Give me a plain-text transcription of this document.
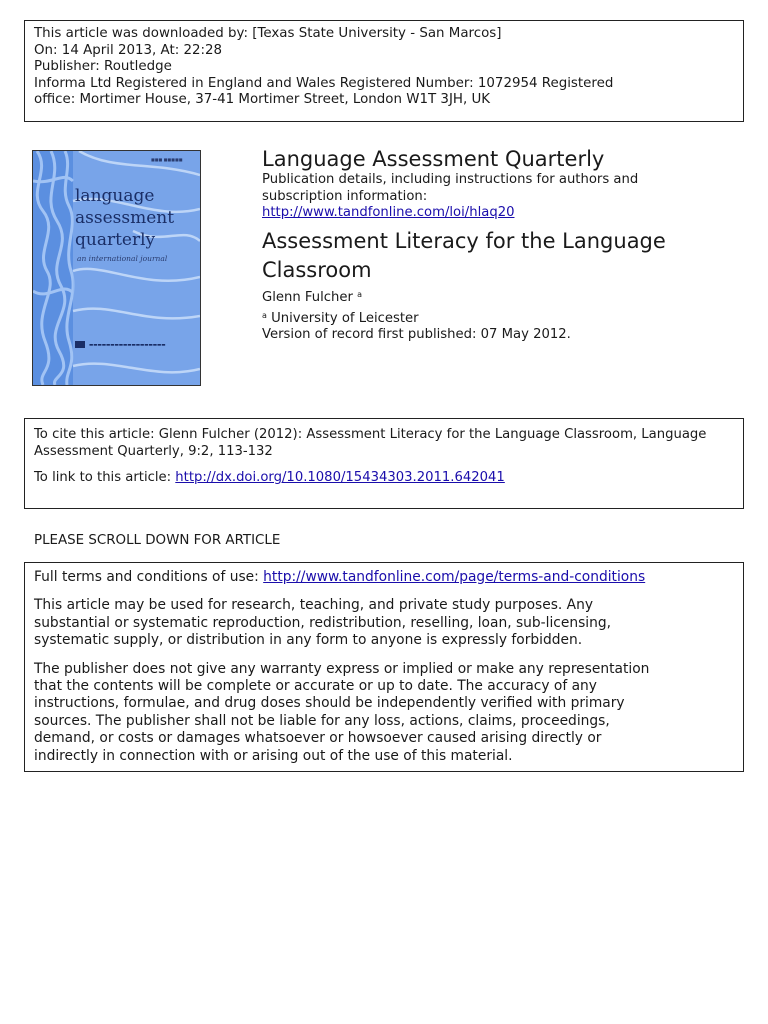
This article was downloaded by: [Texas State University - San Marcos]
On: 14 April 2013, At: 22:28
Publisher: Routledge
Informa Ltd Registered in England and Wales Registered Number: 1072954 Registered
office: Mortimer House, 37-41 Mortimer Street, London W1T 3JH, UK
■■■ ■■■■■
language
assessment
quarterly
an international journal
▬▬▬▬▬▬▬▬▬▬▬▬▬▬▬▬▬▬
Language Assessment Quarterly
Publication details, including instructions for authors and
subscription information:
http://www.tandfonline.com/loi/hlaq20
Assessment Literacy for the Language
Classroom
Glenn Fulcher $^a$
$^a$ University of Leicester
Version of record first published: 07 May 2012.
To cite this article: Glenn Fulcher (2012): Assessment Literacy for the Language Classroom, Language
Assessment Quarterly, 9:2, 113-132
To link to this article: http://dx.doi.org/10.1080/15434303.2011.642041
PLEASE SCROLL DOWN FOR ARTICLE
Full terms and conditions of use: http://www.tandfonline.com/page/terms-and-conditions
This article may be used for research, teaching, and private study purposes. Any
substantial or systematic reproduction, redistribution, reselling, loan, sub-licensing,
systematic supply, or distribution in any form to anyone is expressly forbidden.
The publisher does not give any warranty express or implied or make any representation
that the contents will be complete or accurate or up to date. The accuracy of any
instructions, formulae, and drug doses should be independently verified with primary
sources. The publisher shall not be liable for any loss, actions, claims, proceedings,
demand, or costs or damages whatsoever or howsoever caused arising directly or
indirectly in connection with or arising out of the use of this material.
